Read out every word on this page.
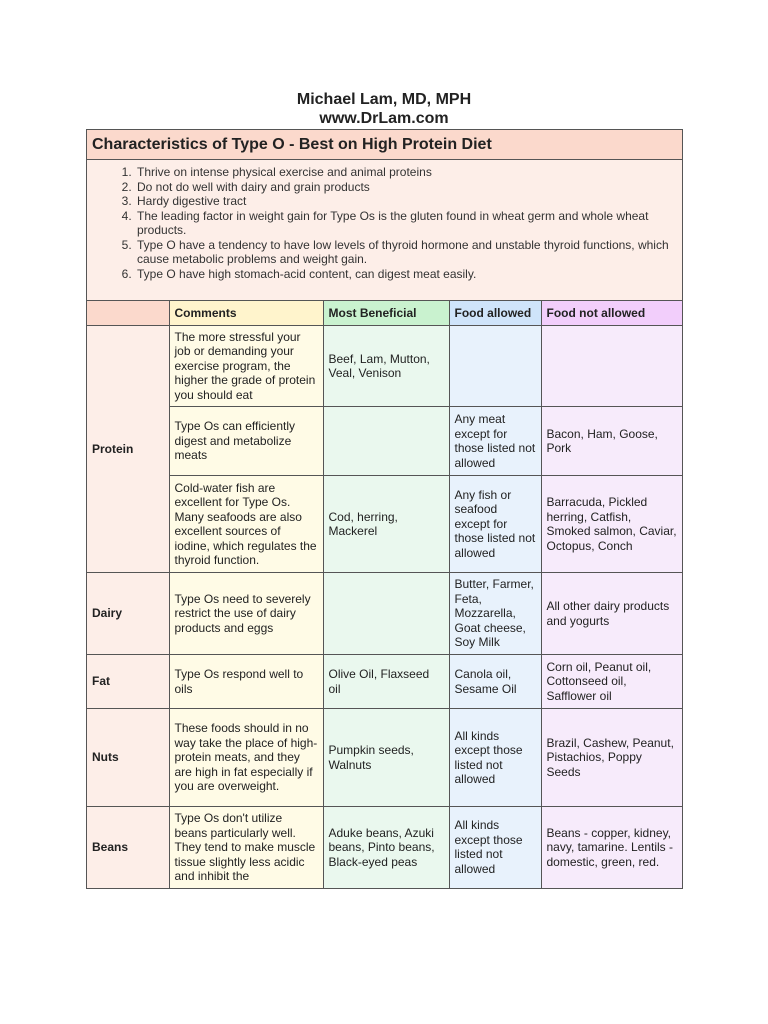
Michael Lam, MD, MPH
www.DrLam.com
Characteristics of Type O - Best on High Protein Diet
1. Thrive on intense physical exercise and animal proteins
2. Do not do well with dairy and grain products
3. Hardy digestive tract
4. The leading factor in weight gain for Type Os is the gluten found in wheat germ and whole wheat products.
5. Type O have a tendency to have low levels of thyroid hormone and unstable thyroid functions, which cause metabolic problems and weight gain.
6. Type O have high stomach-acid content, can digest meat easily.
	Comments	Most Beneficial	Food allowed	Food not allowed
Protein	The more stressful your job or demanding your exercise program, the higher the grade of protein you should eat	Beef, Lam, Mutton, Veal, Venison		
	Type Os can efficiently digest and metabolize meats		Any meat except for those listed not allowed	Bacon, Ham, Goose, Pork
	Cold-water fish are excellent for Type Os. Many seafoods are also excellent sources of iodine, which regulates the thyroid function.	Cod, herring, Mackerel	Any fish or seafood except for those listed not allowed	Barracuda, Pickled herring, Catfish, Smoked salmon, Caviar, Octopus, Conch
Dairy	Type Os need to severely restrict the use of dairy products and eggs		Butter, Farmer, Feta, Mozzarella, Goat cheese, Soy Milk	All other dairy products and yogurts
Fat	Type Os respond well to oils	Olive Oil, Flaxseed oil	Canola oil, Sesame Oil	Corn oil, Peanut oil, Cottonseed oil, Safflower oil
Nuts	These foods should in no way take the place of high-protein meats, and they are high in fat especially if you are overweight.	Pumpkin seeds, Walnuts	All kinds except those listed not allowed	Brazil, Cashew, Peanut, Pistachios, Poppy Seeds
Beans	Type Os don't utilize beans particularly well. They tend to make muscle tissue slightly less acidic and inhibit the	Aduke beans, Azuki beans, Pinto beans, Black-eyed peas	All kinds except those listed not allowed	Beans - copper, kidney, navy, tamarine. Lentils - domestic, green, red.
